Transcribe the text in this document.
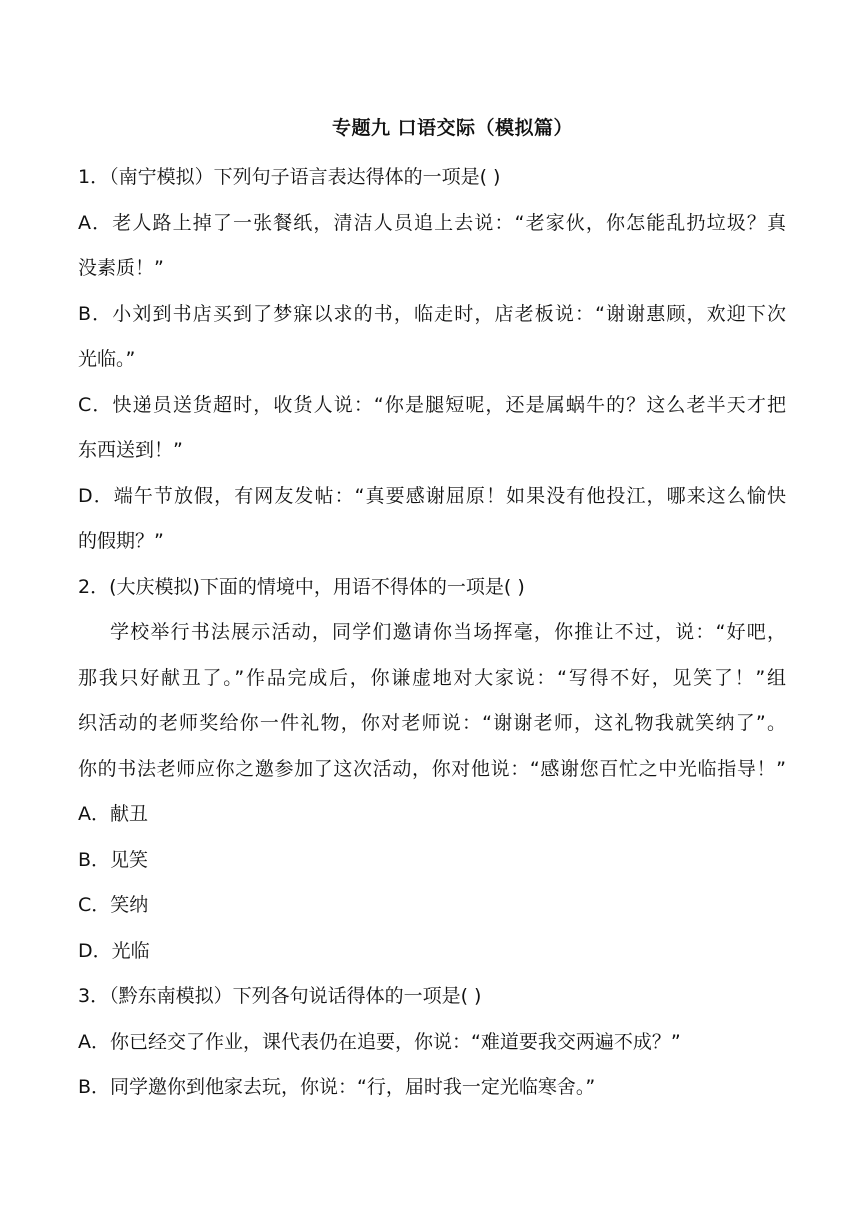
专题九 口语交际（模拟篇）
1．（南宁模拟）下列句子语言表达得体的一项是( )
A．老人路上掉了一张餐纸，清洁人员追上去说：“老家伙，你怎能乱扔垃圾？真
没素质！”
B．小刘到书店买到了梦寐以求的书，临走时，店老板说：“谢谢惠顾，欢迎下次
光临。”
C．快递员送货超时，收货人说：“你是腿短呢，还是属蜗牛的？这么老半天才把
东西送到！”
D．端午节放假，有网友发帖：“真要感谢屈原！如果没有他投江，哪来这么愉快
的假期？”
2．(大庆模拟)下面的情境中，用语不得体的一项是( )
学校举行书法展示活动，同学们邀请你当场挥毫，你推让不过，说：“好吧，
那我只好献丑了。”作品完成后，你谦虚地对大家说：“写得不好，见笑了！”组
织活动的老师奖给你一件礼物，你对老师说：“谢谢老师，这礼物我就笑纳了”。
你的书法老师应你之邀参加了这次活动，你对他说：“感谢您百忙之中光临指导！”
A．献丑
B．见笑
C．笑纳
D．光临
3．（黔东南模拟）下列各句说话得体的一项是( )
A．你已经交了作业，课代表仍在追要，你说：“难道要我交两遍不成？”
B．同学邀你到他家去玩，你说：“行，届时我一定光临寒舍。”
